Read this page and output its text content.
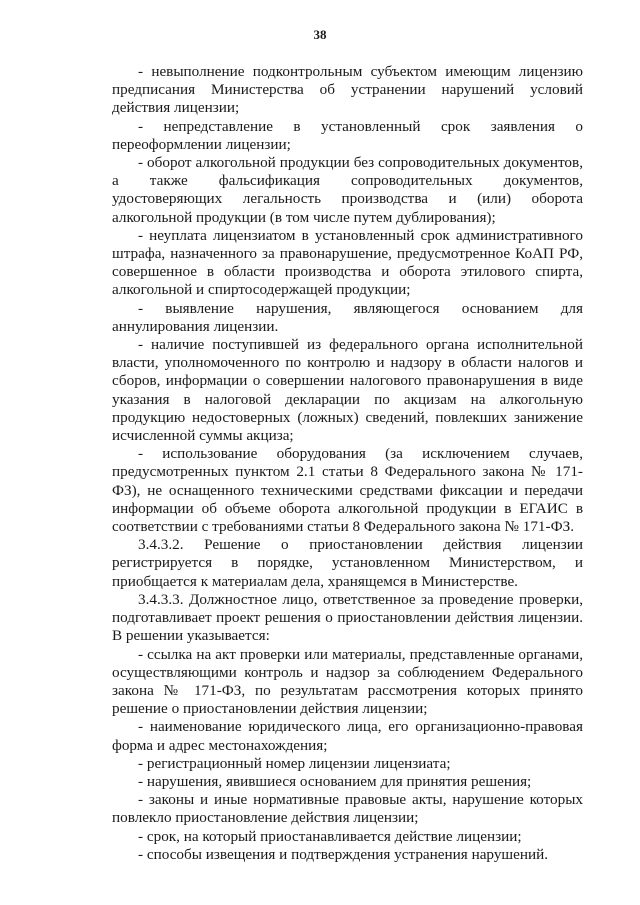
38

- невыполнение подконтрольным субъектом имеющим лицензию предписания Министерства об устранении нарушений условий действия лицензии;

- непредставление в установленный срок заявления о переоформлении лицензии;

- оборот алкогольной продукции без сопроводительных документов, а также фальсификация сопроводительных документов, удостоверяющих легальность производства и (или) оборота алкогольной продукции (в том числе путем дублирования);

- неуплата лицензиатом в установленный срок административного штрафа, назначенного за правонарушение, предусмотренное КоАП РФ, совершенное в области производства и оборота этилового спирта, алкогольной и спиртосодержащей продукции;

- выявление нарушения, являющегося основанием для аннулирования лицензии.

- наличие поступившей из федерального органа исполнительной власти, уполномоченного по контролю и надзору в области налогов и сборов, информации о совершении налогового правонарушения в виде указания в налоговой декларации по акцизам на алкогольную продукцию недостоверных (ложных) сведений, повлекших занижение исчисленной суммы акциза;

- использование оборудования (за исключением случаев, предусмотренных пунктом 2.1 статьи 8 Федерального закона № 171-ФЗ), не оснащенного техническими средствами фиксации и передачи информации об объеме оборота алкогольной продукции в ЕГАИС в соответствии с требованиями статьи 8 Федерального закона № 171-ФЗ.

3.4.3.2. Решение о приостановлении действия лицензии регистрируется в порядке, установленном Министерством, и приобщается к материалам дела, хранящемся в Министерстве.

3.4.3.3. Должностное лицо, ответственное за проведение проверки, подготавливает проект решения о приостановлении действия лицензии. В решении указывается:

- ссылка на акт проверки или материалы, представленные органами, осуществляющими контроль и надзор за соблюдением Федерального закона № 171-ФЗ, по результатам рассмотрения которых принято решение о приостановлении действия лицензии;

- наименование юридического лица, его организационно-правовая форма и адрес местонахождения;

- регистрационный номер лицензии лицензиата;

- нарушения, явившиеся основанием для принятия решения;

- законы и иные нормативные правовые акты, нарушение которых повлекло приостановление действия лицензии;

- срок, на который приостанавливается действие лицензии;

- способы извещения и подтверждения устранения нарушений.
